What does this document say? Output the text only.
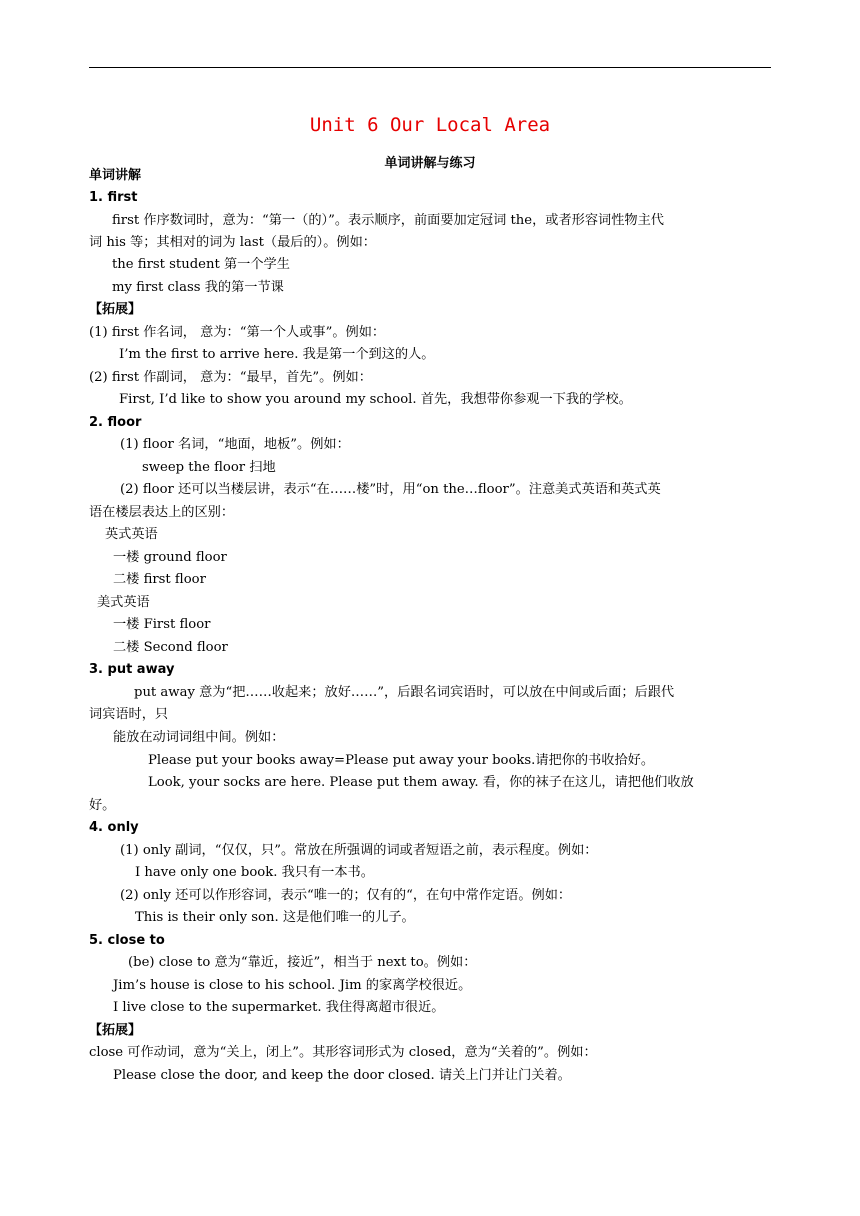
Unit 6 Our Local Area
单词讲解与练习
单词讲解
1. first
first 作序数词时，意为：“第一（的）”。表示顺序，前面要加定冠词 the，或者形容词性物主代
词 his 等；其相对的词为 last（最后的）。例如：
the first student 第一个学生
my first class 我的第一节课
【拓展】
(1) first 作名词， 意为：“第一个人或事”。例如：
I’m the first to arrive here. 我是第一个到这的人。
(2) first 作副词， 意为：“最早，首先”。例如：
First, I’d like to show you around my school. 首先，我想带你参观一下我的学校。
2. floor
(1) floor 名词，“地面，地板”。例如：
sweep the floor 扫地
(2) floor 还可以当楼层讲，表示“在……楼”时，用“on the…floor”。注意美式英语和英式英
语在楼层表达上的区别：
英式英语
一楼 ground floor
二楼 first floor
美式英语
一楼 First floor
二楼 Second floor
3. put away
put away 意为“把……收起来；放好……”，后跟名词宾语时，可以放在中间或后面；后跟代
词宾语时，只
能放在动词词组中间。例如：
Please put your books away=Please put away your books.请把你的书收拾好。
Look, your socks are here. Please put them away. 看，你的袜子在这儿，请把他们收放
好。
4. only
(1) only 副词，“仅仅，只”。常放在所强调的词或者短语之前，表示程度。例如：
I have only one book. 我只有一本书。
(2) only 还可以作形容词，表示“唯一的；仅有的“，在句中常作定语。例如：
This is their only son. 这是他们唯一的儿子。
5. close to
(be) close to 意为“靠近，接近”，相当于 next to。例如：
Jim’s house is close to his school. Jim 的家离学校很近。
I live close to the supermarket. 我住得离超市很近。
【拓展】
close 可作动词，意为“关上，闭上”。其形容词形式为 closed，意为“关着的”。例如：
Please close the door, and keep the door closed. 请关上门并让门关着。
